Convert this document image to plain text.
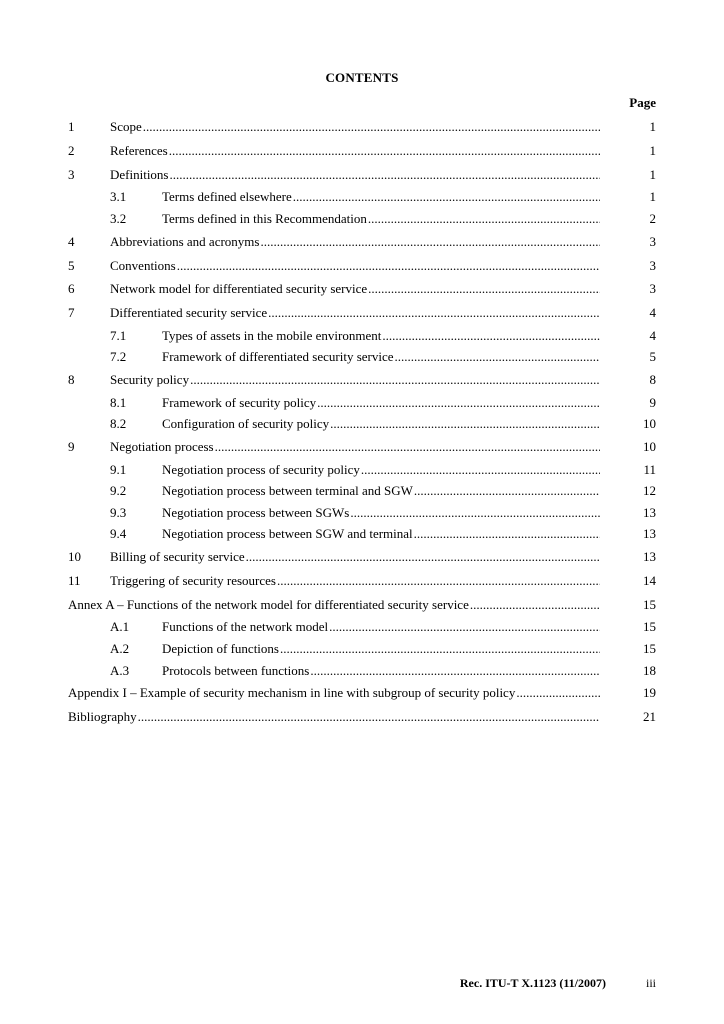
CONTENTS
Page
1	Scope .....	1
2	References .....	1
3	Definitions .....	1
3.1	Terms defined elsewhere .....	1
3.2	Terms defined in this Recommendation .....	2
4	Abbreviations and acronyms .....	3
5	Conventions .....	3
6	Network model for differentiated security service .....	3
7	Differentiated security service .....	4
7.1	Types of assets in the mobile environment .....	4
7.2	Framework of differentiated security service .....	5
8	Security policy .....	8
8.1	Framework of security policy .....	9
8.2	Configuration of security policy .....	10
9	Negotiation process .....	10
9.1	Negotiation process of security policy .....	11
9.2	Negotiation process between terminal and SGW .....	12
9.3	Negotiation process between SGWs .....	13
9.4	Negotiation process between SGW and terminal .....	13
10	Billing of security service .....	13
11	Triggering of security resources .....	14
Annex A – Functions of the network model for differentiated security service .....	15
A.1	Functions of the network model .....	15
A.2	Depiction of functions .....	15
A.3	Protocols between functions .....	18
Appendix I – Example of security mechanism in line with subgroup of security policy .....	19
Bibliography .....	21
Rec. ITU-T X.1123 (11/2007)	iii
